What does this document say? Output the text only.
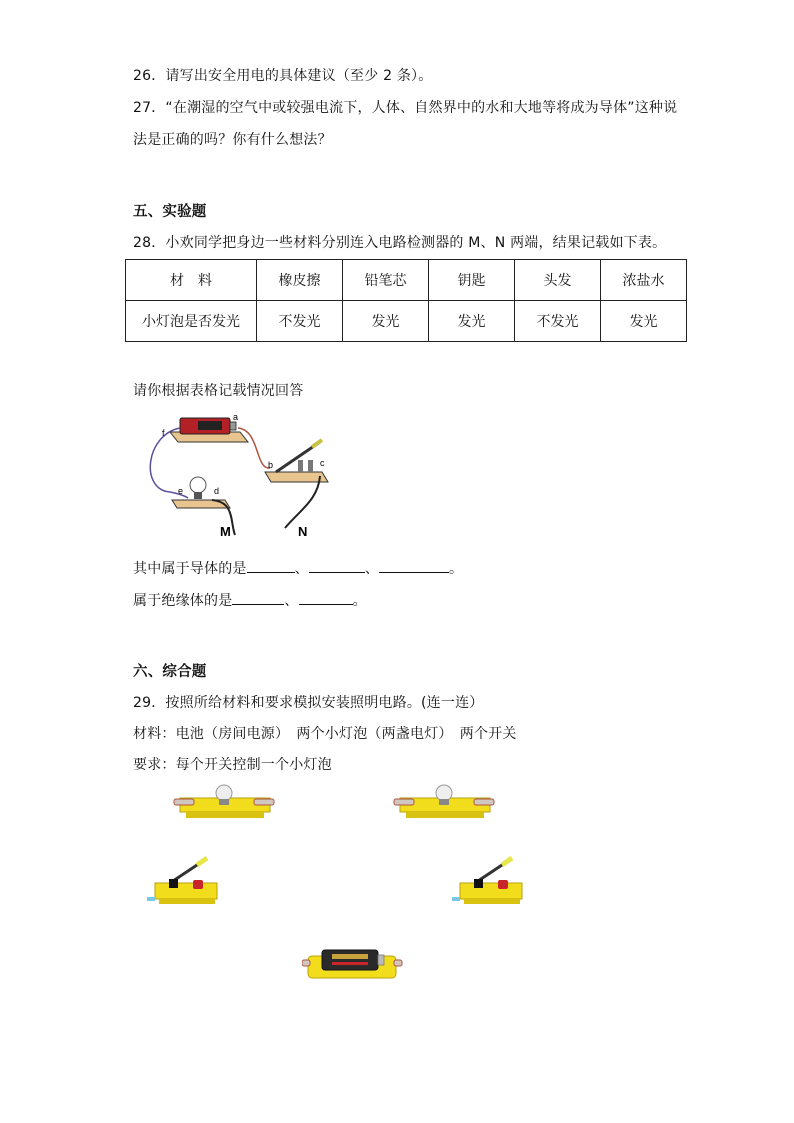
26．请写出安全用电的具体建议（至少 2 条）。
27．“在潮湿的空气中或较强电流下，人体、自然界中的水和大地等将成为导体”这种说
法是正确的吗？你有什么想法？
五、实验题
28．小欢同学把身边一些材料分别连入电路检测器的 M、N 两端，结果记载如下表。
材　料	橡皮擦	铅笔芯	钥匙	头发	浓盐水
小灯泡是否发光	不发光	发光	发光	不发光	发光
请你根据表格记载情况回答
f
a
b	c
e	d
M	N
其中属于导体的是	、	、	。
属于绝缘体的是	、	。
六、综合题
29．按照所给材料和要求模拟安装照明电路。(连一连）
材料：电池（房间电源）　两个小灯泡（两盏电灯）　两个开关
要求：每个开关控制一个小灯泡
